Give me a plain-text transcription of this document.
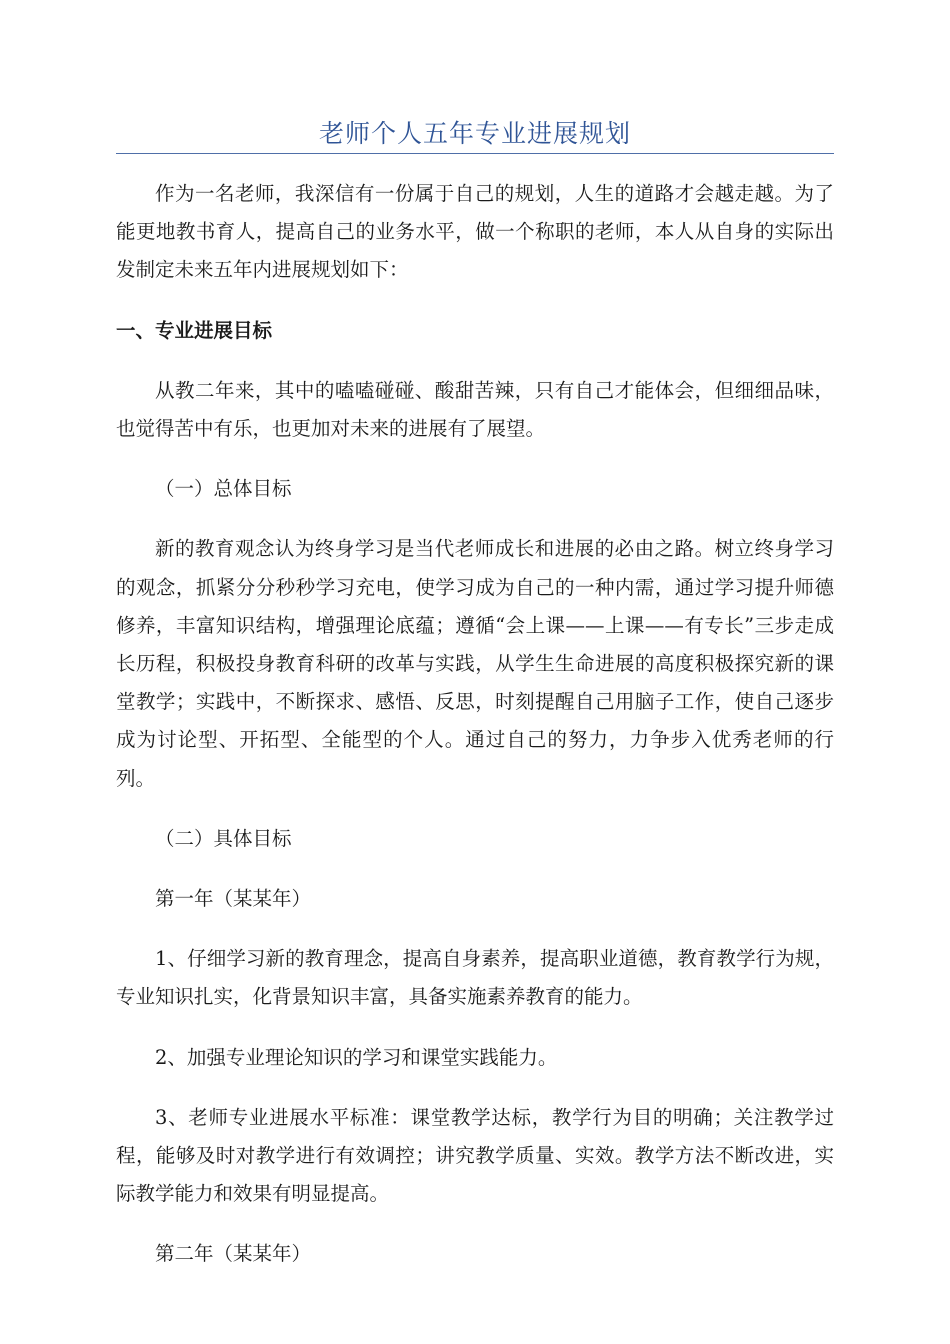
老师个人五年专业进展规划

作为一名老师，我深信有一份属于自己的规划，人生的道路才会越走越。为了能更地教书育人，提高自己的业务水平，做一个称职的老师，本人从自身的实际出发制定未来五年内进展规划如下：

一、专业进展目标

从教二年来，其中的嗑嗑碰碰、酸甜苦辣，只有自己才能体会，但细细品味，也觉得苦中有乐，也更加对未来的进展有了展望。

（一）总体目标

新的教育观念认为终身学习是当代老师成长和进展的必由之路。树立终身学习的观念，抓紧分分秒秒学习充电，使学习成为自己的一种内需，通过学习提升师德修养，丰富知识结构，增强理论底蕴；遵循“会上课——上课——有专长”三步走成长历程，积极投身教育科研的改革与实践，从学生生命进展的高度积极探究新的课堂教学；实践中，不断探求、感悟、反思，时刻提醒自己用脑子工作，使自己逐步成为讨论型、开拓型、全能型的个人。通过自己的努力，力争步入优秀老师的行列。

（二）具体目标

第一年（某某年）

1、仔细学习新的教育理念，提高自身素养，提高职业道德，教育教学行为规，专业知识扎实，化背景知识丰富，具备实施素养教育的能力。

2、加强专业理论知识的学习和课堂实践能力。

3、老师专业进展水平标准：课堂教学达标，教学行为目的明确；关注教学过程，能够及时对教学进行有效调控；讲究教学质量、实效。教学方法不断改进，实际教学能力和效果有明显提高。

第二年（某某年）
